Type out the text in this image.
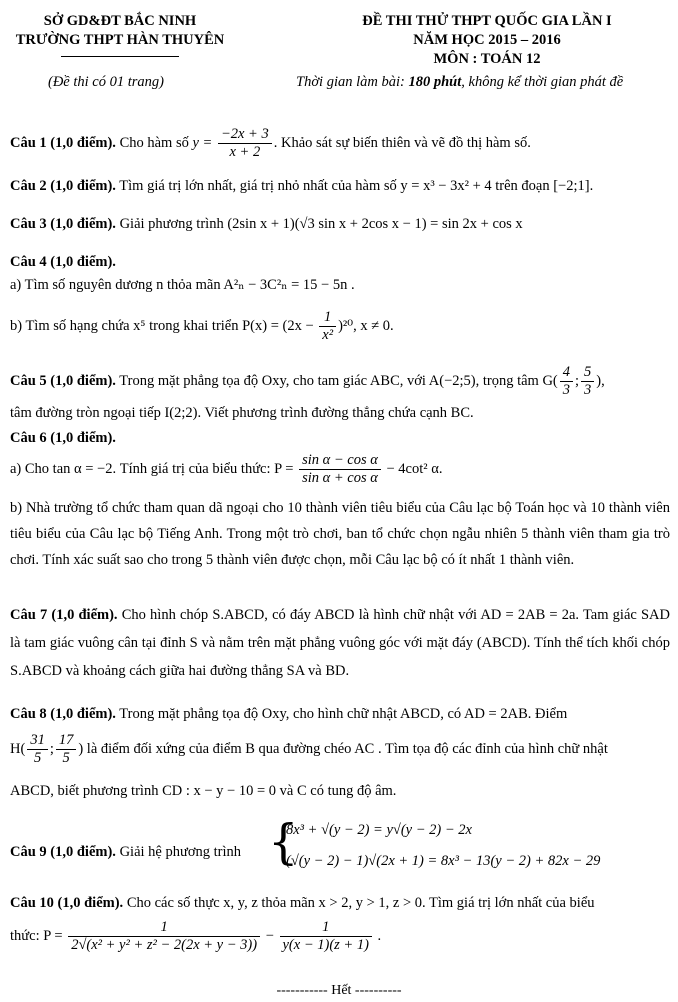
SỞ GD&ĐT BẮC NINH
TRƯỜNG THPT HÀN THUYÊN
ĐỀ THI THỬ THPT QUỐC GIA LẦN I
NĂM HỌC 2015 – 2016
MÔN : TOÁN 12
(Đề thi có 01 trang)	Thời gian làm bài: 180 phút, không kể thời gian phát đề
Câu 1 (1,0 điểm). Cho hàm số $y = \frac{-2x + 3}{x + 2}$ . Khảo sát sự biến thiên và vẽ đồ thị hàm số.
Câu 2 (1,0 điểm). Tìm giá trị lớn nhất, giá trị nhỏ nhất của hàm số y = x³ − 3x² + 4 trên đoạn [−2;1].
Câu 3 (1,0 điểm). Giải phương trình (2sin x + 1)(√3 sin x + 2cos x − 1) = sin 2x + cos x
Câu 4 (1,0 điểm).
a) Tìm số nguyên dương n thỏa mãn A²ₙ − 3C²ₙ = 15 − 5n .
b) Tìm số hạng chứa x⁵ trong khai triển $P(x) = (2x - \frac{1}{\text{x²}} )^{20}$, x ≠ 0.
Câu 5 (1,0 điểm). Trong mặt phẳng tọa độ Oxy, cho tam giác ABC, với A(−2;5), trọng tâm $G( \frac{4}{3}$ ; $\frac{5}{3}$ ),
tâm đường tròn ngoại tiếp I(2;2). Viết phương trình đường thẳng chứa cạnh BC.
Câu 6 (1,0 điểm).
a) Cho tan α = −2. Tính giá trị của biểu thức: $P = \frac{\text{sin α − cos α}}{\text{sin α + cos α}} - 4\cot^2$ α.
b) Nhà trường tổ chức tham quan dã ngoại cho 10 thành viên tiêu biểu của Câu lạc bộ Toán học và 10 thành viên tiêu biểu của Câu lạc bộ Tiếng Anh. Trong một trò chơi, ban tổ chức chọn ngẫu nhiên 5 thành viên tham gia trò chơi. Tính xác suất sao cho trong 5 thành viên được chọn, mỗi Câu lạc bộ có ít nhất 1 thành viên.
Câu 7 (1,0 điểm). Cho hình chóp S.ABCD, có đáy ABCD là hình chữ nhật với AD = 2AB = 2a. Tam giác SAD là tam giác vuông cân tại đỉnh S và nằm trên mặt phẳng vuông góc với mặt đáy (ABCD). Tính thể tích khối chóp S.ABCD và khoảng cách giữa hai đường thẳng SA và BD.
Câu 8 (1,0 điểm). Trong mặt phẳng tọa độ Oxy, cho hình chữ nhật ABCD, có AD = 2AB. Điểm
$H( \frac{31}{5}$ ; $\frac{17}{5}$ ) là điểm đối xứng của điểm B qua đường chéo AC . Tìm tọa độ các đỉnh của hình chữ nhật
ABCD, biết phương trình CD : x − y − 10 = 0 và C có tung độ âm.
Câu 9 (1,0 điểm). Giải hệ phương trình {
8x³ + √(y − 2) = y√(y − 2) − 2x
(√(y − 2) − 1)√(2x + 1) = 8x³ − 13(y − 2) + 82x − 29
Câu 10 (1,0 điểm). Cho các số thực x, y, z thỏa mãn x > 2, y > 1, z > 0. Tìm giá trị lớn nhất của biểu
thức: $P = \frac{1}{\text{2√(x² + y² + z² − 2(2x + y − 3))}} - \frac{1}{y(x - 1)(z + 1)}$ .
----------- Hết ----------
